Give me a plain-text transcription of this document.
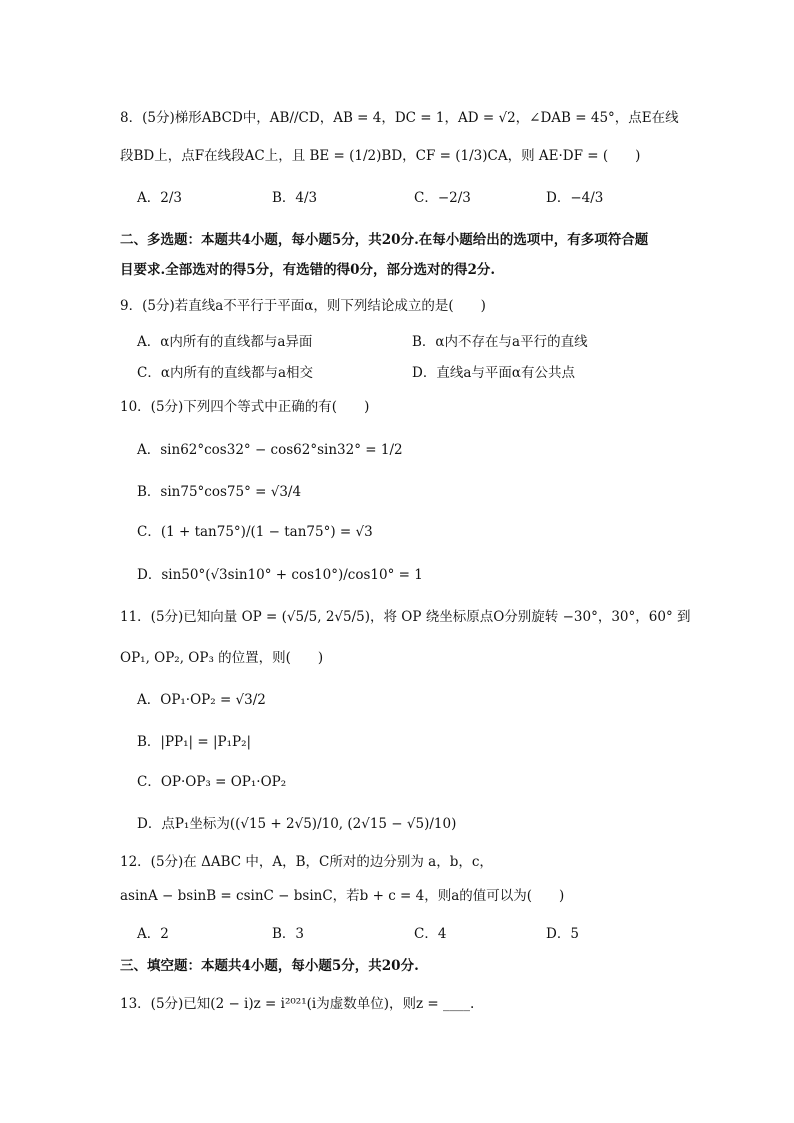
8．(5分)梯形ABCD中，AB//CD，AB = 4，DC = 1，AD = √2，∠DAB = 45°，点E在线
段BD上，点F在线段AC上，且 BE = (1/2)BD，CF = (1/3)CA，则 AE·DF = (　　)
A．2/3	B．4/3	C．−2/3	D．−4/3
二、多选题：本题共4小题，每小题5分，共20分.在每小题给出的选项中，有多项符合题
目要求.全部选对的得5分，有选错的得0分，部分选对的得2分.
9．(5分)若直线a不平行于平面α，则下列结论成立的是(　　)
A．α内所有的直线都与a异面	B．α内不存在与a平行的直线
C．α内所有的直线都与a相交	D．直线a与平面α有公共点
10．(5分)下列四个等式中正确的有(　　)
A．sin62°cos32° − cos62°sin32° = 1/2
B．sin75°cos75° = √3/4
C．(1 + tan75°)/(1 − tan75°) = √3
D．sin50°(√3sin10° + cos10°)/cos10° = 1
11．(5分)已知向量 OP = (√5/5, 2√5/5)，将 OP 绕坐标原点O分别旋转 −30°，30°，60° 到
OP₁, OP₂, OP₃ 的位置，则(　　)
A．OP₁·OP₂ = √3/2
B．|PP₁| = |P₁P₂|
C．OP·OP₃ = OP₁·OP₂
D．点P₁坐标为((√15 + 2√5)/10, (2√15 − √5)/10)
12．(5分)在 ΔABC 中，A，B，C所对的边分别为 a，b，c，
asinA − bsinB = csinC − bsinC，若b + c = 4，则a的值可以为(　　)
A．2	B．3	C．4	D．5
三、填空题：本题共4小题，每小题5分，共20分.
13．(5分)已知(2 − i)z = i²⁰²¹(i为虚数单位)，则z = ____.
